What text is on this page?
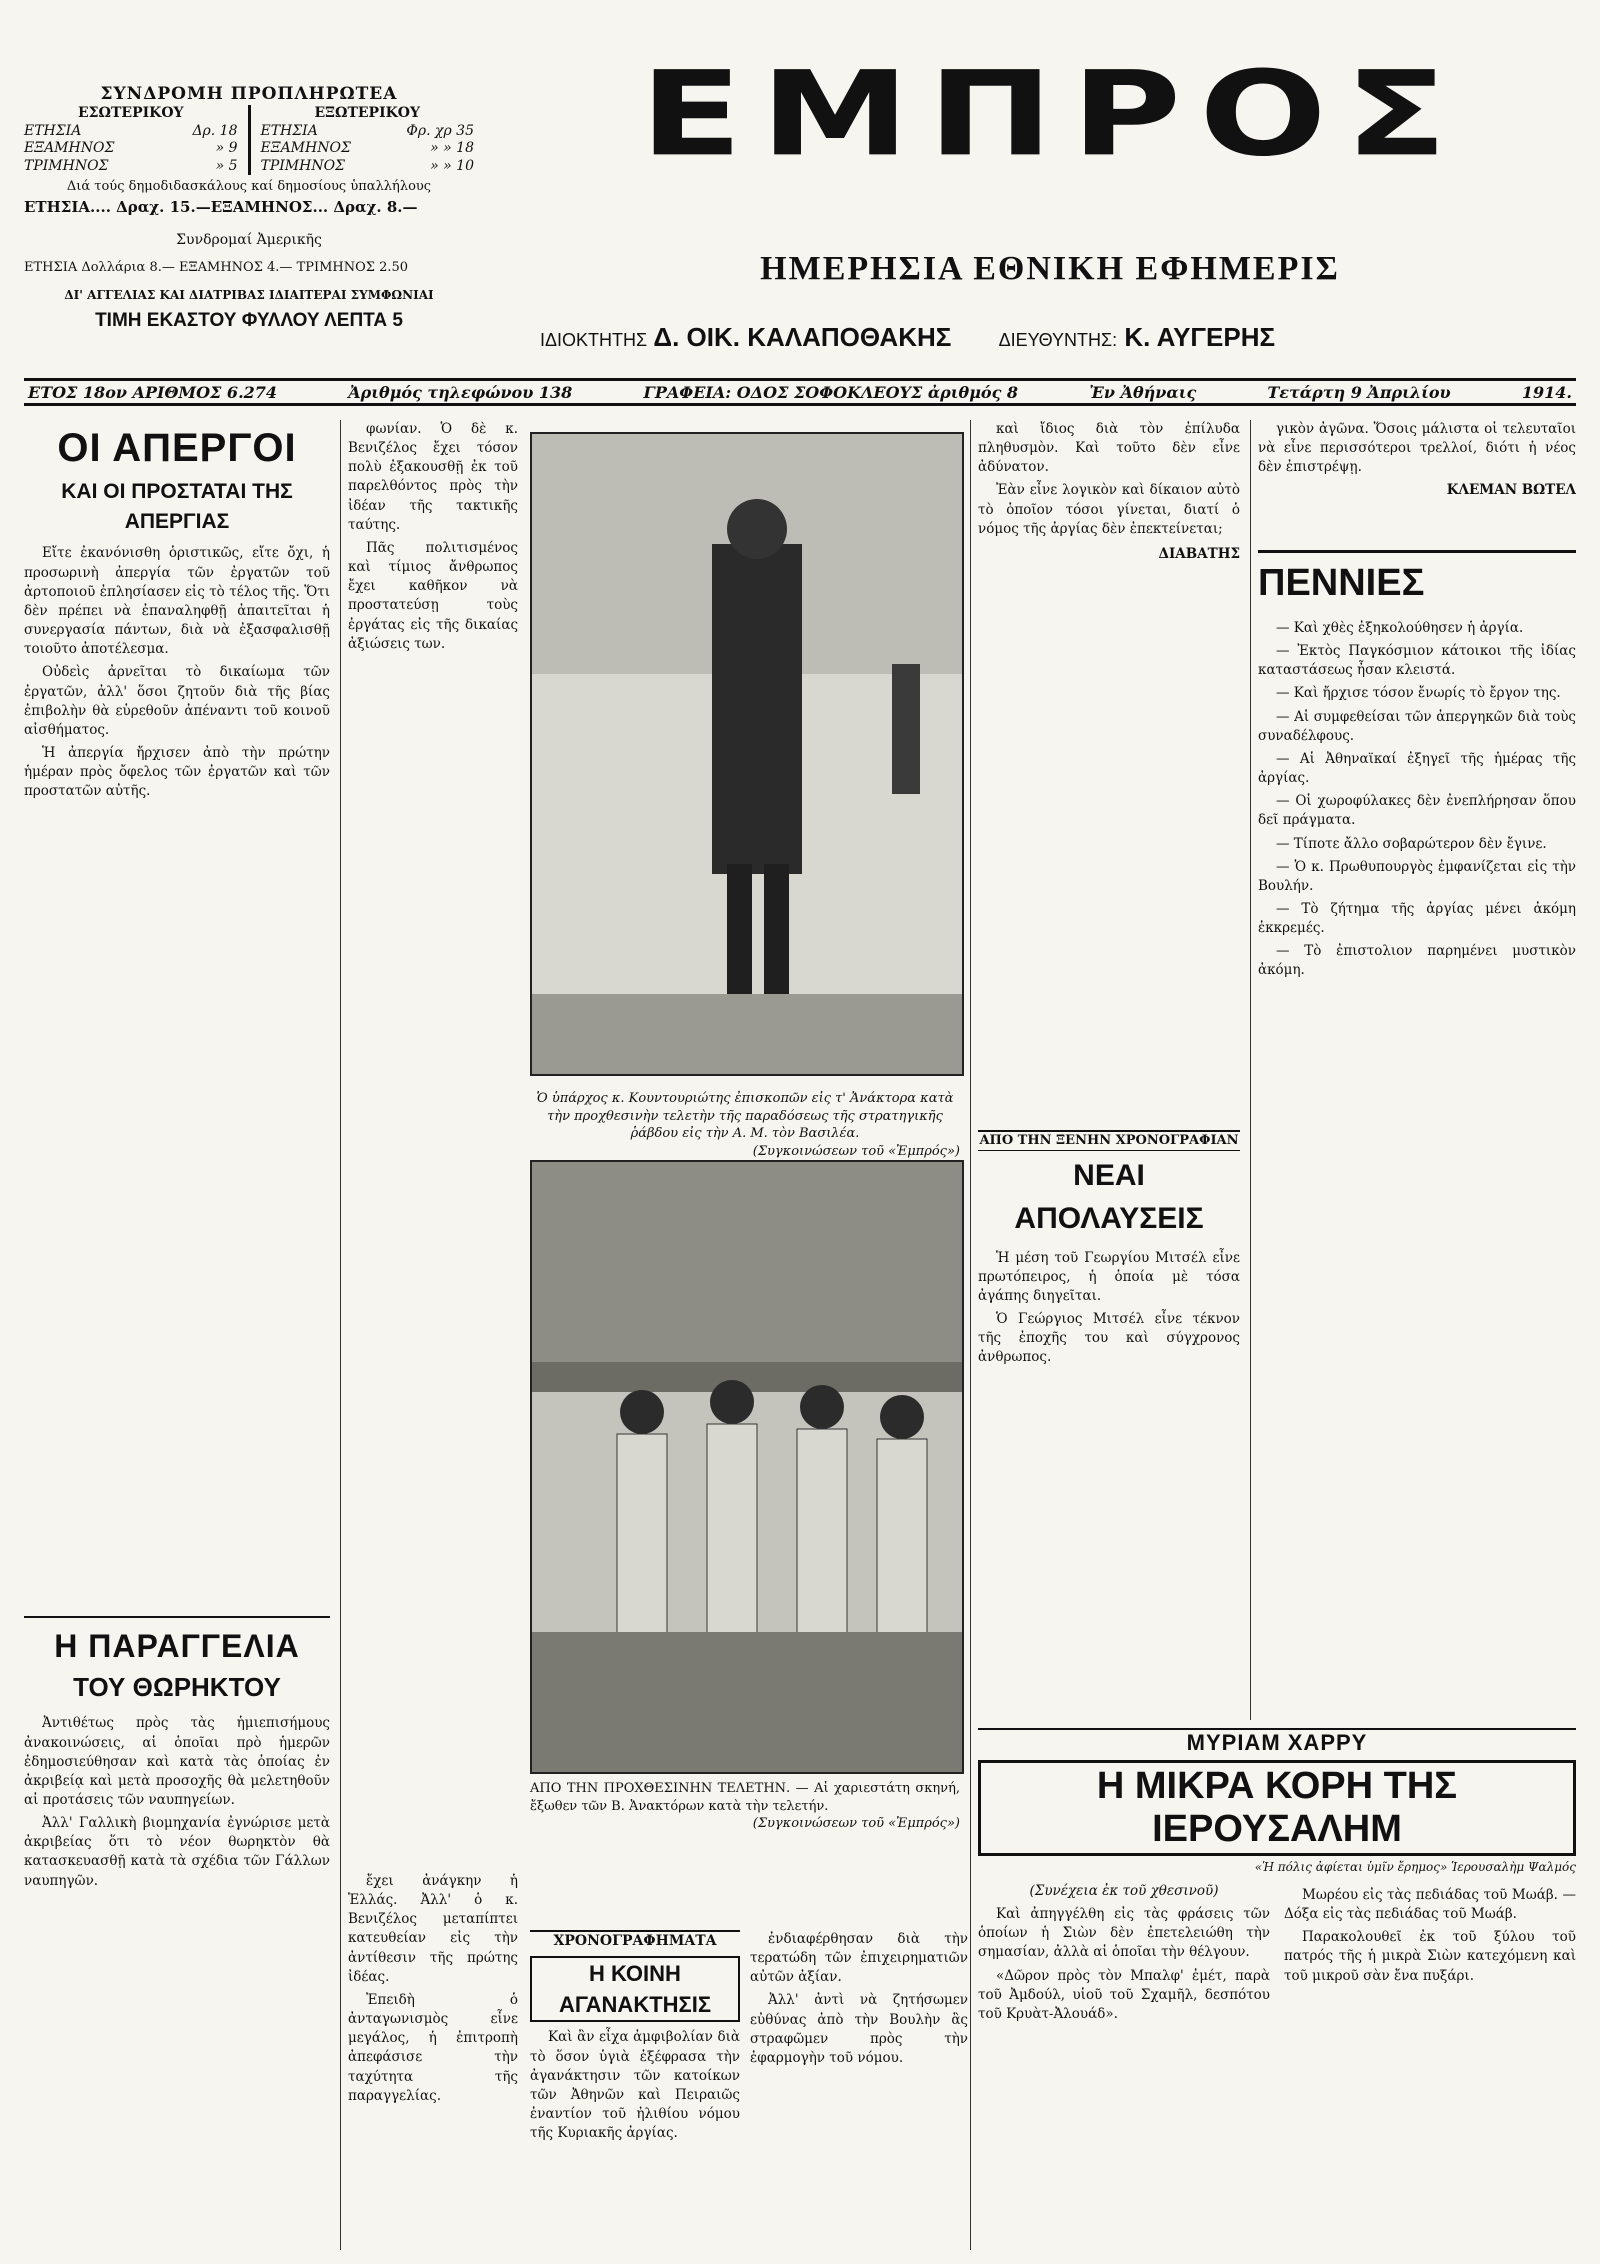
ΣΥΝΔΡΟΜΗ ΠΡΟΠΛΗΡΩΤΕΑ
ΕΣΩΤΕΡΙΚΟΥ
ΕΤΗΣΙΑ	Δρ. 18
ΕΞΑΜΗΝΟΣ	» 9
ΤΡΙΜΗΝΟΣ	» 5
ΕΞΩΤΕΡΙΚΟΥ
ΕΤΗΣΙΑ	Φρ. χρ 35
ΕΞΑΜΗΝΟΣ	» » 18
ΤΡΙΜΗΝΟΣ	» » 10
Διά τούς δημοδιδασκάλους καί δημοσίους ὑπαλλήλους
ΕΤΗΣΙΑ.... Δραχ. 15.—ΕΞΑΜΗΝΟΣ... Δραχ. 8.—
Συνδρομαί Ἀμερικῆς
ΕΤΗΣΙΑ Δολλάρια 8.— ΕΞΑΜΗΝΟΣ 4.— ΤΡΙΜΗΝΟΣ 2.50
ΔΙ' ΑΓΓΕΛΙΑΣ ΚΑΙ ΔΙΑΤΡΙΒΑΣ ΙΔΙΑΙΤΕΡΑΙ ΣΥΜΦΩΝΙΑΙ
ΤΙΜΗ ΕΚΑΣΤΟΥ ΦΥΛΛΟΥ ΛΕΠΤΑ 5
ΕΜΠΡΟΣ
ΗΜΕΡΗΣΙΑ ΕΘΝΙΚΗ ΕΦΗΜΕΡΙΣ
ΙΔΙΟΚΤΗΤΗΣ Δ. ΟΙΚ. ΚΑΛΑΠΟΘΑΚΗΣ	ΔΙΕΥΘΥΝΤΗΣ: Κ. ΑΥΓΕΡΗΣ
ΕΤΟΣ 18ον ΑΡΙΘΜΟΣ 6.274	Ἀριθμός τηλεφώνου 138	ΓΡΑΦΕΙΑ: ΟΔΟΣ ΣΟΦΟΚΛΕΟΥΣ ἀριθμός 8	Ἐν Ἀθήναις	Τετάρτη 9 Ἀπριλίου	1914.
ΟΙ ΑΠΕΡΓΟΙ
ΚΑΙ ΟΙ ΠΡΟΣΤΑΤΑΙ ΤΗΣ ΑΠΕΡΓΙΑΣ

Εἴτε ἐκανόνισθη ὁριστικῶς, εἴτε ὄχι, ἡ προσωρινὴ ἀπεργία τῶν ἐργατῶν τοῦ ἀρτοποιοῦ ἐπλησίασεν εἰς τὸ τέλος τῆς. Ὅτι δὲν πρέπει νὰ ἐπαναληφθῇ ἀπαιτεῖται ἡ συνεργασία πάντων, διὰ νὰ ἐξασφαλισθῇ τοιοῦτο ἀποτέλεσμα.

Οὐδεὶς ἀρνεῖται τὸ δικαίωμα τῶν ἐργατῶν, ἀλλ' ὅσοι ζητοῦν διὰ τῆς βίας ἐπιβολὴν θὰ εὑρεθοῦν ἀπέναντι τοῦ κοινοῦ αἰσθήματος.

Ἡ ἀπεργία ἤρχισεν ἀπὸ τὴν πρώτην ἡμέραν πρὸς ὄφελος τῶν ἐργατῶν καὶ τῶν προστατῶν αὐτῆς.

Η ΠΑΡΑΓΓΕΛΙΑ
ΤΟΥ ΘΩΡΗΚΤΟΥ

Ἀντιθέτως πρὸς τὰς ἡμιεπισήμους ἀνακοινώσεις, αἱ ὁποῖαι πρὸ ἡμερῶν ἐδημοσιεύθησαν καὶ κατὰ τὰς ὁποίας ἐν ἀκριβείᾳ καὶ μετὰ προσοχῆς θὰ μελετηθοῦν αἱ προτάσεις τῶν ναυπηγείων.

Ἀλλ' Γαλλικὴ βιομηχανία ἐγνώρισε μετὰ ἀκριβείας ὅτι τὸ νέον θωρηκτὸν θὰ κατασκευασθῇ κατὰ τὰ σχέδια τῶν Γάλλων ναυπηγῶν.

φωνίαν. Ὁ δὲ κ. Βενιζέλος ἔχει τόσον πολὺ ἐξακουσθῇ ἐκ τοῦ παρελθόντος πρὸς τὴν ἰδέαν τῆς τακτικῆς ταύτης.

Πᾶς πολιτισμένος καὶ τίμιος ἄνθρωπος ἔχει καθῆκον νὰ προστατεύσῃ τοὺς ἐργάτας εἰς τῆς δικαίας ἀξιώσεις των.

Ὁ ὑπάρχος κ. Κουντουριώτης ἐπισκοπῶν εἰς τ' Ἀνάκτορα κατὰ τὴν προχθεσινὴν τελετὴν τῆς παραδόσεως τῆς στρατηγικῆς ῥάβδου εἰς τὴν Α. Μ. τὸν Βασιλέα.
(Συγκοινώσεων τοῦ «Ἐμπρός»)
ΑΠΟ ΤΗΝ ΠΡΟΧΘΕΣΙΝΗΝ ΤΕΛΕΤΗΝ. — Αἱ χαριεστάτη σκηνή, ἔξωθεν τῶν Β. Ἀνακτόρων κατὰ τὴν τελετήν.
(Συγκοινώσεων τοῦ «Ἐμπρός»)

καὶ ἴδιος διὰ τὸν ἐπίλυδα πληθυσμὸν. Καὶ τοῦτο δὲν εἶνε ἀδύνατον.

Ἐὰν εἶνε λογικὸν καὶ δίκαιον αὐτὸ τὸ ὁποῖον τόσοι γίνεται, διατί ὁ νόμος τῆς ἀργίας δὲν ἐπεκτείνεται;

ΔΙΑΒΑΤΗΣ
ΑΠΟ ΤΗΝ ΞΕΝΗΝ ΧΡΟΝΟΓΡΑΦΙΑΝ
ΝΕΑΙ ΑΠΟΛΑΥΣΕΙΣ

Ἡ μέση τοῦ Γεωργίου Μιτσέλ εἶνε πρωτόπειρος, ἡ ὁποία μὲ τόσα ἀγάπης διηγεῖται.

Ὁ Γεώργιος Μιτσέλ εἶνε τέκνον τῆς ἐποχῆς του καὶ σύγχρονος ἀνθρωπος.

γικὸν ἀγῶνα. Ὅσοις μάλιστα οἱ τελευταῖοι νὰ εἶνε περισσότεροι τρελλοί, διότι ἡ νέος δὲν ἐπιστρέψῃ.

ΚΛΕΜΑΝ ΒΩΤΕΛ
ΠΕΝΝΙΕΣ

— Καὶ χθὲς ἐξηκολούθησεν ἡ ἀργία.

— Ἐκτὸς Παγκόσμιον κάτοικοι τῆς ἰδίας καταστάσεως ἦσαν κλειστά.

— Καὶ ἤρχισε τόσον ἔνωρίς τὸ ἔργον της.

— Αἱ συμφεθείσαι τῶν ἀπεργηκῶν διὰ τοὺς συναδέλφους.

— Αἱ Ἀθηναϊκαί ἐξηγεῖ τῆς ἡμέρας τῆς ἀργίας.

— Οἱ χωροφύλακες δὲν ἐνεπλήρησαν ὅπου δεῖ πράγματα.

— Τίποτε ἄλλο σοβαρώτερον δὲν ἔγινε.

— Ὁ κ. Πρωθυπουργὸς ἐμφανίζεται εἰς τὴν Βουλήν.

— Τὸ ζήτημα τῆς ἀργίας μένει ἀκόμη ἐκκρεμές.

— Τὸ ἐπιστολιον παρημένει μυστικὸν ἀκόμη.

ΜΥΡΙΑΜ ΧΑΡΡΥ
Η ΜΙΚΡΑ ΚΟΡΗ ΤΗΣ ΙΕΡΟΥΣΑΛΗΜ
«Ἡ πόλις ἀφίεται ὑμῖν ἔρημος» Ἱερουσαλὴμ Ψαλμός
(Συνέχεια ἐκ τοῦ χθεσινοῦ)

Καὶ ἀπηγγέλθη εἰς τὰς φράσεις τῶν ὁποίων ἡ Σιὼν δὲν ἐπετελειώθη τὴν σημασίαν, ἀλλὰ αἱ ὁποῖαι τὴν θέλγουν.

«Δῶρον πρὸς τὸν Μπαλφ' ἐμέτ, παρὰ τοῦ Ἀμδούλ, υἱοῦ τοῦ Σχαμῆλ, δεσπότου τοῦ Κρυὰτ-Ἀλουάδ».

Μωρέου εἰς τὰς πεδιάδας τοῦ Μωάβ. — Δόξα εἰς τὰς πεδιάδας τοῦ Μωάβ.

Παρακολουθεῖ ἐκ τοῦ ξύλου τοῦ πατρός τῆς ἡ μικρὰ Σιὼν κατεχόμενη καὶ τοῦ μικροῦ σὰν ἔνα πυξάρι.

ἔχει ἀνάγκην ἡ Ἑλλάς. Ἀλλ' ὁ κ. Βενιζέλος μεταπίπτει κατευθείαν εἰς τὴν ἀντίθεσιν τῆς πρώτης ἰδέας.

Ἐπειδὴ ὁ ἀνταγωνισμὸς εἶνε μεγάλος, ἡ ἐπιτροπὴ ἀπεφάσισε τὴν ταχύτητα τῆς παραγγελίας.

ΧΡΟΝΟΓΡΑΦΗΜΑΤΑ
Η ΚΟΙΝΗ ΑΓΑΝΑΚΤΗΣΙΣ

Καὶ ἂν εἶχα ἀμφιβολίαν διὰ τὸ ὅσον ὑγιὰ ἐξέφρασα τὴν ἀγανάκτησιν τῶν κατοίκων τῶν Ἀθηνῶν καὶ Πειραιῶς ἐναντίον τοῦ ἠλιθίου νόμου τῆς Κυριακῆς ἀργίας.

ἐνδιαφέρθησαν διὰ τὴν τερατώδη τῶν ἐπιχειρηματιῶν αὐτῶν ἀξίαν.

Ἀλλ' ἀντὶ νὰ ζητήσωμεν εὐθύνας ἀπὸ τὴν Βουλὴν ἂς στραφῶμεν πρὸς τὴν ἐφαρμογὴν τοῦ νόμου.
